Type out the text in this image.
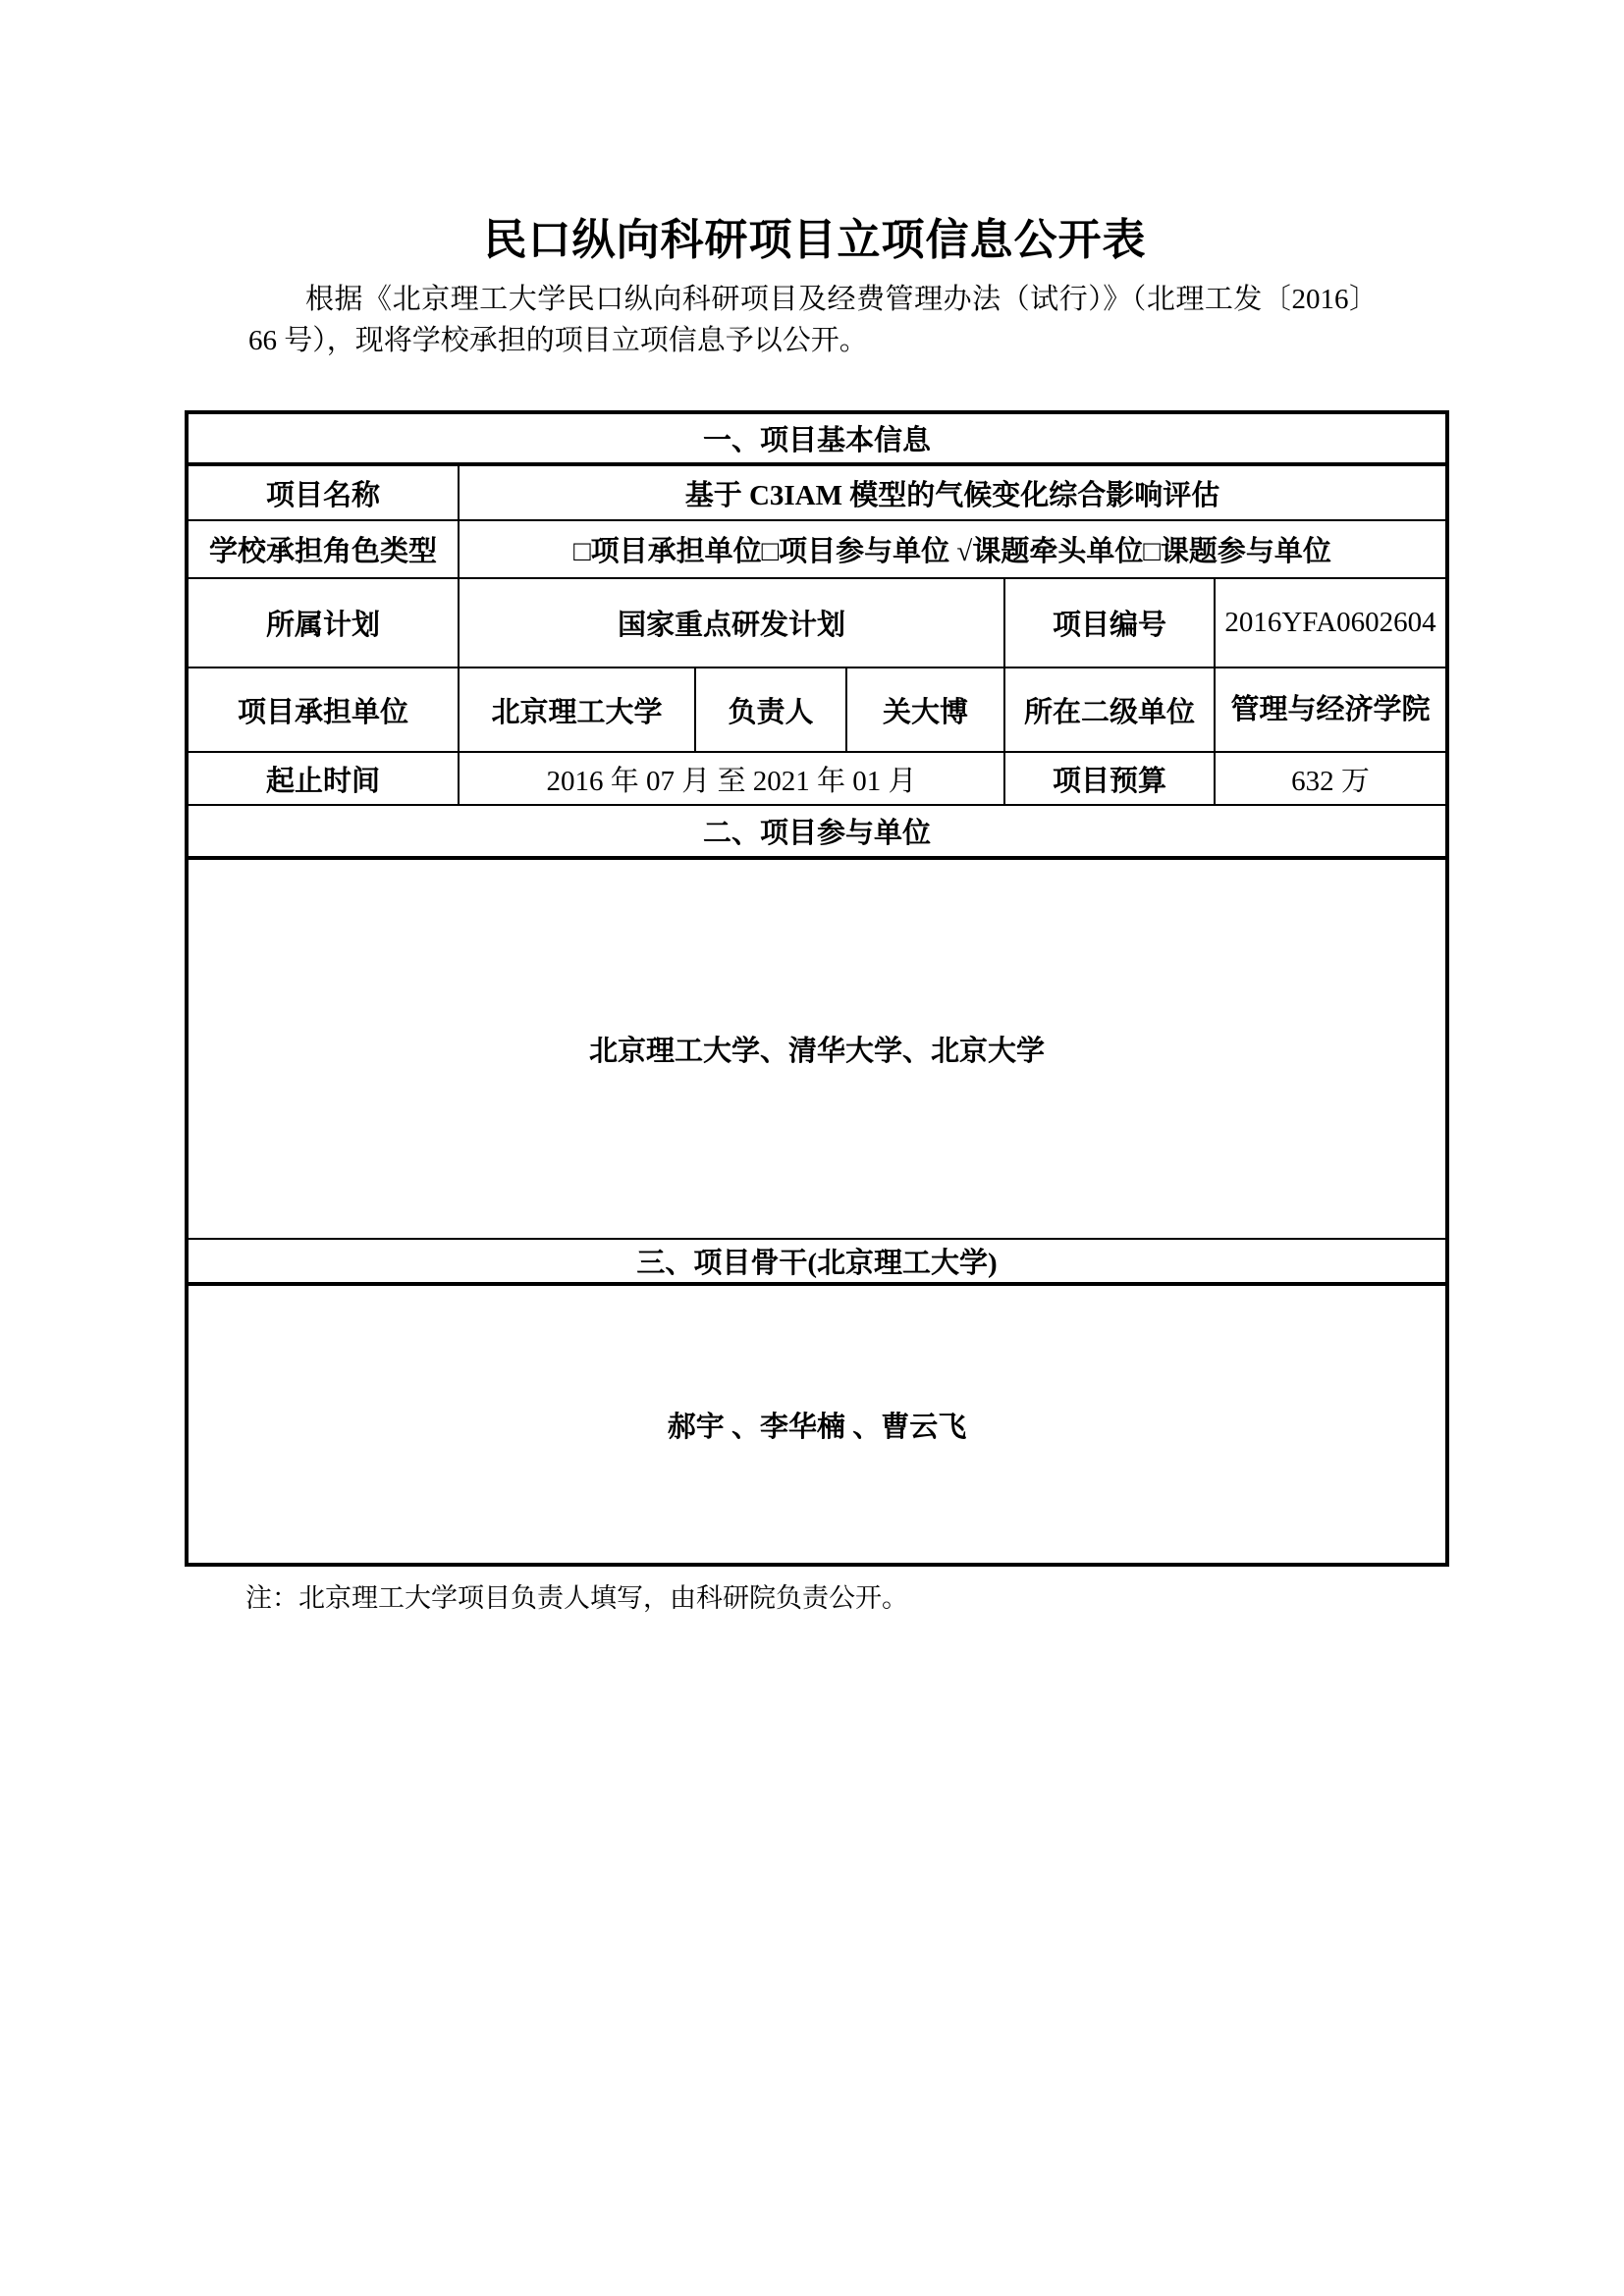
民口纵向科研项目立项信息公开表

根据《北京理工大学民口纵向科研项目及经费管理办法（试行）》（北理工发〔2016〕66 号），现将学校承担的项目立项信息予以公开。

一、项目基本信息					
项目名称	基于 C3IAM 模型的气候变化综合影响评估				
学校承担角色类型	□项目承担单位□项目参与单位 √课题牵头单位□课题参与单位				
所属计划	国家重点研发计划			项目编号	2016YFA0602604
项目承担单位	北京理工大学	负责人	关大博	所在二级单位	管理与经济学院
起止时间	2016 年 07 月 至 2021 年 01 月			项目预算	632 万
二、项目参与单位					
北京理工大学、清华大学、北京大学					
三、项目骨干(北京理工大学)					
郝宇 、李华楠 、曹云飞					

注：北京理工大学项目负责人填写，由科研院负责公开。
